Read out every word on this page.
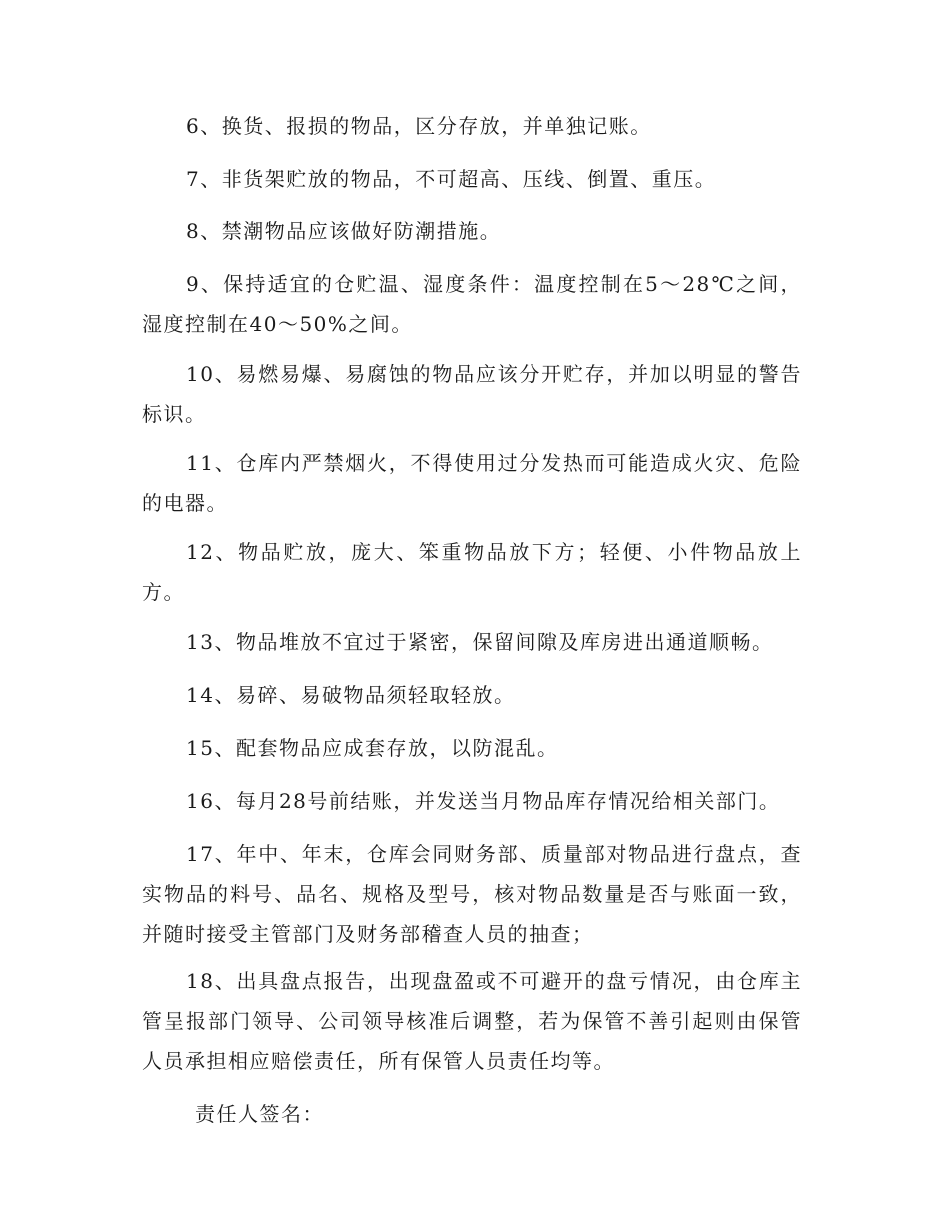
6、换货、报损的物品，区分存放，并单独记账。

7、非货架贮放的物品，不可超高、压线、倒置、重压。

8、禁潮物品应该做好防潮措施。

9、保持适宜的仓贮温、湿度条件：温度控制在5～28℃之间，湿度控制在40～50%之间。

10、易燃易爆、易腐蚀的物品应该分开贮存，并加以明显的警告标识。

11、仓库内严禁烟火，不得使用过分发热而可能造成火灾、危险的电器。

12、物品贮放，庞大、笨重物品放下方；轻便、小件物品放上方。

13、物品堆放不宜过于紧密，保留间隙及库房进出通道顺畅。

14、易碎、易破物品须轻取轻放。

15、配套物品应成套存放，以防混乱。

16、每月28号前结账，并发送当月物品库存情况给相关部门。

17、年中、年末，仓库会同财务部、质量部对物品进行盘点，查实物品的料号、品名、规格及型号，核对物品数量是否与账面一致，并随时接受主管部门及财务部稽查人员的抽查；

18、出具盘点报告，出现盘盈或不可避开的盘亏情况，由仓库主管呈报部门领导、公司领导核准后调整，若为保管不善引起则由保管人员承担相应赔偿责任，所有保管人员责任均等。

责任人签名：
